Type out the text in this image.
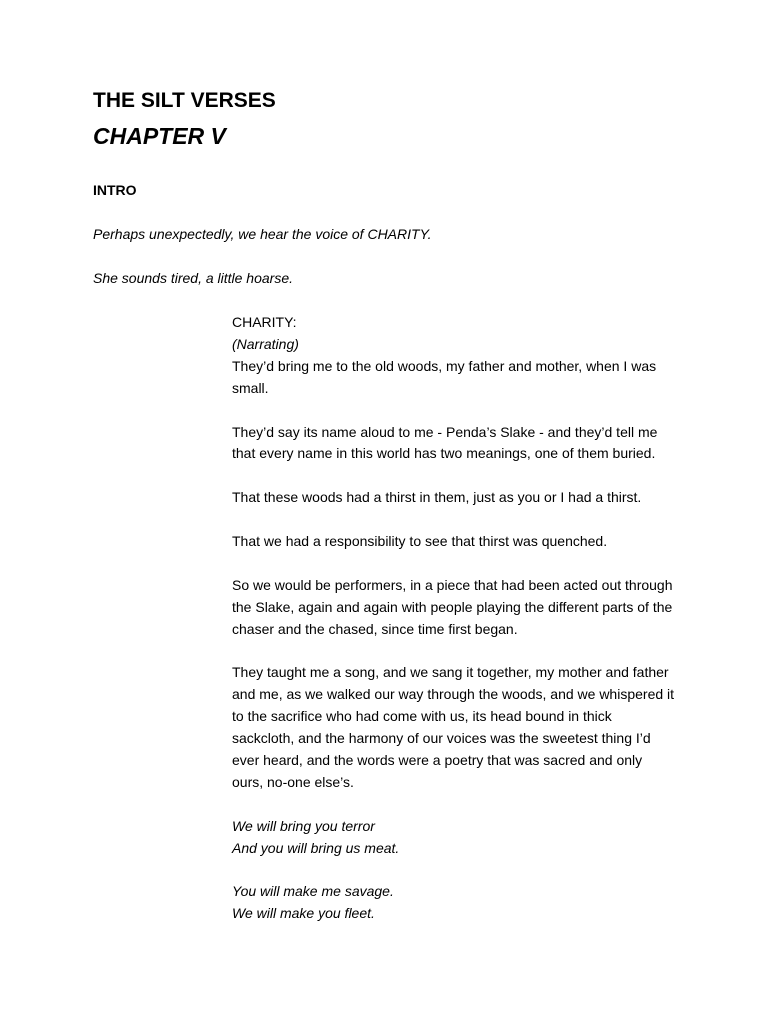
THE SILT VERSES
CHAPTER V
INTRO
Perhaps unexpectedly, we hear the voice of CHARITY.
She sounds tired, a little hoarse.

CHARITY:

(Narrating)

They’d bring me to the old woods, my father and mother, when I was small.

They’d say its name aloud to me - Penda’s Slake - and they’d tell me that every name in this world has two meanings, one of them buried.

That these woods had a thirst in them, just as you or I had a thirst.

That we had a responsibility to see that thirst was quenched.

So we would be performers, in a piece that had been acted out through the Slake, again and again with people playing the different parts of the chaser and the chased, since time first began.

They taught me a song, and we sang it together, my mother and father and me, as we walked our way through the woods, and we whispered it to the sacrifice who had come with us, its head bound in thick sackcloth, and the harmony of our voices was the sweetest thing I’d ever heard, and the words were a poetry that was sacred and only ours, no-one else’s.

We will bring you terror

And you will bring us meat.

You will make me savage.

We will make you fleet.
